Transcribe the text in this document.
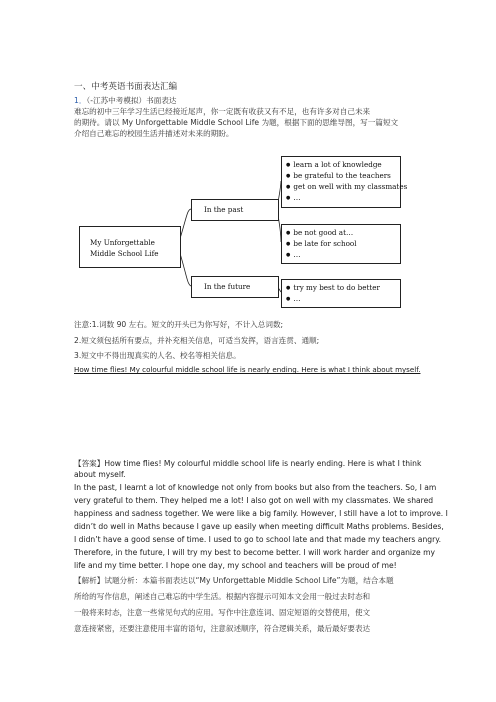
一、中考英语书面表达汇编
1．（-江苏中考模拟）书面表达
难忘的初中三年学习生活已经接近尾声，你一定既有收获又有不足，也有许多对自己未来
的期待。请以 My Unforgettable Middle School Life 为题，根据下面的思维导图，写一篇短文
介绍自己难忘的校园生活并描述对未来的期盼。
My Unforgettable
Middle School Life
In the past
In the future
● learn a lot of knowledge
● be grateful to the teachers
● get on well with my classmates
● …
● be not good at…
● be late for school
● …
● try my best to do better
● …
注意:1.词数 90 左右。短文的开头已为你写好，不计入总词数;
2.短文须包括所有要点，并补充相关信息，可适当发挥，语言连贯、通顺;
3.短文中不得出现真实的人名、校名等相关信息。
How time flies! My colourful middle school life is nearly ending. Here is what I think about myself.
【答案】How time flies! My colourful middle school life is nearly ending. Here is what I think
about myself.
In the past, I learnt a lot of knowledge not only from books but also from the teachers. So, I am
very grateful to them. They helped me a lot! I also got on well with my classmates. We shared
happiness and sadness together. We were like a big family. However, I still have a lot to improve. I
didn’t do well in Maths because I gave up easily when meeting difficult Maths problems. Besides,
I didn’t have a good sense of time. I used to go to school late and that made my teachers angry.
Therefore, in the future, I will try my best to become better. I will work harder and organize my
life and my time better. I hope one day, my school and teachers will be proud of me!
【解析】试题分析：本篇书面表达以“My Unforgettable Middle School Life”为题，结合本题
所给的写作信息，阐述自己难忘的中学生活。根据内容提示可知本文会用一般过去时态和
一般将来时态，注意一些常见句式的应用。写作中注意连词、固定短语的交替使用，使文
意连接紧密，还要注意使用丰富的语句，注意叙述顺序，符合逻辑关系，最后最好要表达
